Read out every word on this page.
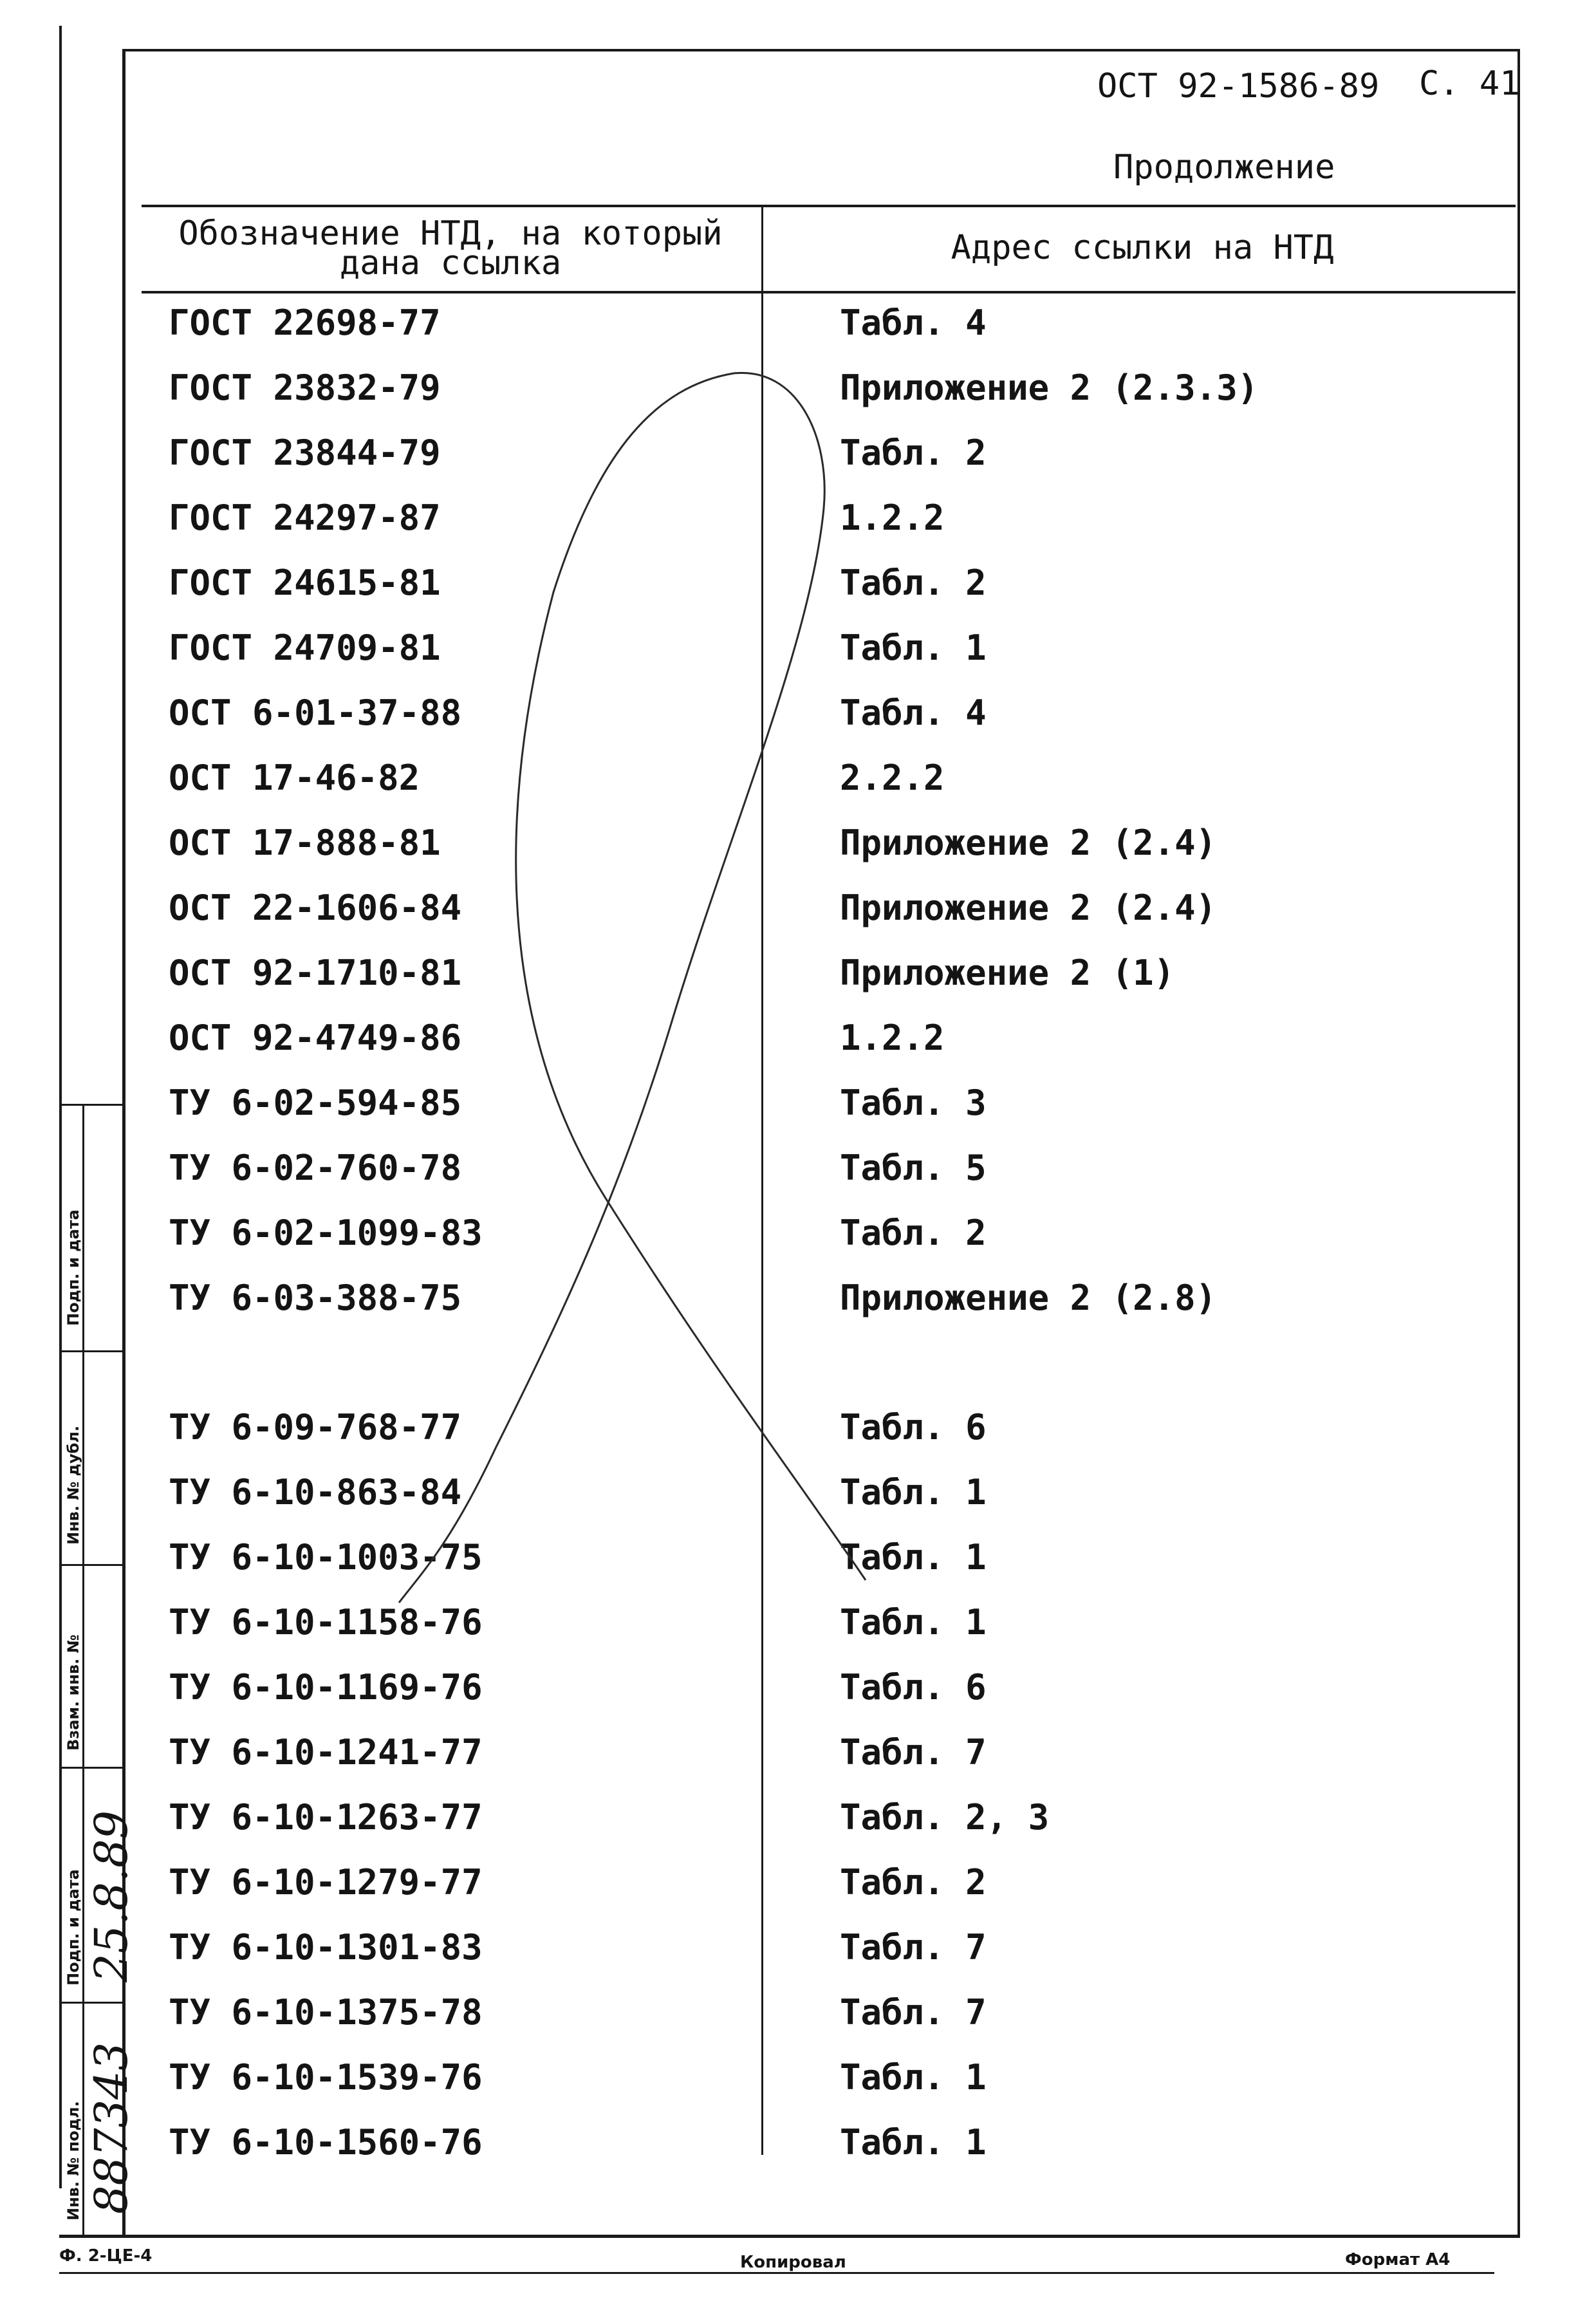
ОСТ 92-1586-89 С. 41
Продолжение
Обозначение НТД, на который дана ссылка	Адрес ссылки на НТД
ГОСТ 22698-77	Табл. 4
ГОСТ 23832-79	Приложение 2 (2.3.3)
ГОСТ 23844-79	Табл. 2
ГОСТ 24297-87	1.2.2
ГОСТ 24615-81	Табл. 2
ГОСТ 24709-81	Табл. 1
ОСТ 6-01-37-88	Табл. 4
ОСТ 17-46-82	2.2.2
ОСТ 17-888-81	Приложение 2 (2.4)
ОСТ 22-1606-84	Приложение 2 (2.4)
ОСТ 92-1710-81	Приложение 2 (1)
ОСТ 92-4749-86	1.2.2
ТУ 6-02-594-85	Табл. 3
ТУ 6-02-760-78	Табл. 5
ТУ 6-02-1099-83	Табл. 2
ТУ 6-03-388-75	Приложение 2 (2.8)
ТУ 6-09-768-77	Табл. 6
ТУ 6-10-863-84	Табл. 1
ТУ 6-10-1003-75	Табл. 1
ТУ 6-10-1158-76	Табл. 1
ТУ 6-10-1169-76	Табл. 6
ТУ 6-10-1241-77	Табл. 7
ТУ 6-10-1263-77	Табл. 2, 3
ТУ 6-10-1279-77	Табл. 2
ТУ 6-10-1301-83	Табл. 7
ТУ 6-10-1375-78	Табл. 7
ТУ 6-10-1539-76	Табл. 1
ТУ 6-10-1560-76	Табл. 1
Подп. и дата
Инв. № дубл.
Взам. инв. №
Подп. и дата
Инв. № подл.
25.8.89
887343
Ф. 2-ЦЕ-4	Копировал	Формат А4
